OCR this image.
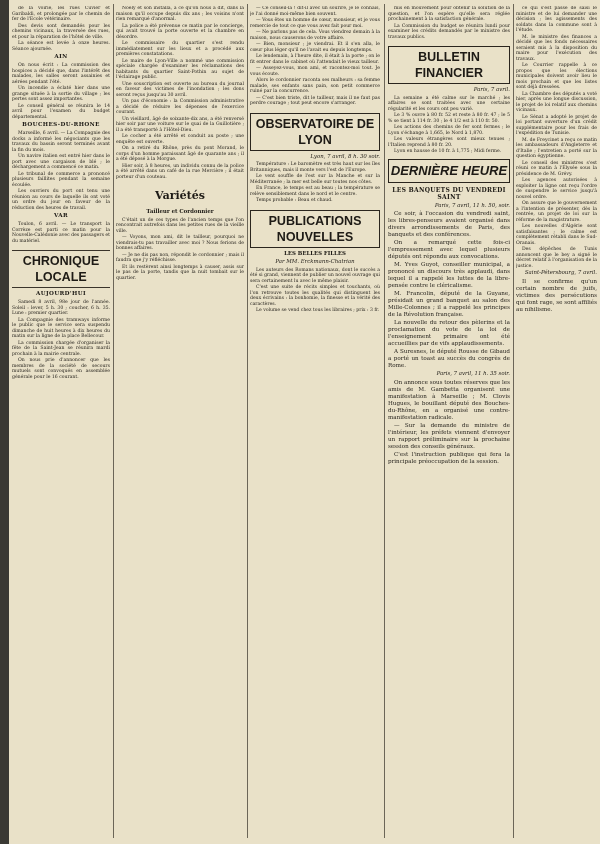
de la voirie, les rues Cuvier et Garibaldi, et prolongée par le chemin de fer de l'Ecole vétérinaire.

Des devis sont demandés pour les chemins vicinaux, la traversée des rues, et pour la réparation de l'hôtel de ville.

La séance est levée à onze heures. Séance ajournée.

AIN

On nous écrit : La commission des hospices a décidé que, dans l'intérêt des malades, les salles seront assainies et aérées pendant l'été.

Un incendie a éclaté hier dans une grange située à la sortie du village ; les pertes sont assez importantes.

Le conseil général se réunira le 14 avril pour l'examen du budget départemental.

BOUCHES-DU-RHONE

Marseille, 6 avril. — La Compagnie des docks a informé les négociants que les travaux du bassin seront terminés avant la fin du mois.

Un navire italien est entré hier dans le port avec une cargaison de blé ; le déchargement a commencé ce matin.

Le tribunal de commerce a prononcé plusieurs faillites pendant la semaine écoulée.

Les ouvriers du port ont tenu une réunion au cours de laquelle ils ont voté un ordre du jour en faveur de la réduction des heures de travail.

VAR

Toulon, 6 avril. — Le transport la Corrèze est parti ce matin pour la Nouvelle-Calédonie avec des passagers et du matériel.

CHRONIQUE LOCALE
AUJOURD'HUI

Samedi 8 avril, 98e jour de l'année. Soleil : lever, 5 h. 30 ; coucher, 6 h. 35. Lune : premier quartier.

La Compagnie des tramways informe le public que le service sera suspendu dimanche de huit heures à dix heures du matin sur la ligne de la place Bellecour.

La commission chargée d'organiser la fête de la Saint-Jean se réunira mardi prochain à la mairie centrale.

On nous prie d'annoncer que les membres de la société de secours mutuels sont convoqués en assemblée générale pour le 16 courant.

Noëly et son installa, à ce qu'on nous a dit, dans la maison qu'il occupe depuis dix ans ; les voisins n'ont rien remarqué d'anormal.

La police a été prévenue ce matin par le concierge, qui avait trouvé la porte ouverte et la chambre en désordre.

Le commissaire du quartier s'est rendu immédiatement sur les lieux et a procédé aux premières constatations.

Le maire de Lyon-Ville a nommé une commission spéciale chargée d'examiner les réclamations des habitants du quartier Saint-Pothin au sujet de l'éclairage public.

Une souscription est ouverte au bureau du journal en faveur des victimes de l'inondation ; les dons seront reçus jusqu'au 30 avril.

Un pas d'économie : la Commission administrative a décidé de réduire les dépenses de l'exercice courant.

Un vieillard, âgé de soixante-dix ans, a été renversé hier soir par une voiture sur le quai de la Guillotière ; il a été transporté à l'Hôtel-Dieu.

Le cocher a été arrêté et conduit au poste ; une enquête est ouverte.

On a retiré du Rhône, près du pont Morand, le corps d'un homme paraissant âgé de quarante ans ; il a été déposé à la Morgue.

Hier soir, à 8 heures, un individu connu de la police a été arrêté dans un café de la rue Mercière ; il était porteur d'un couteau.

Variétés
Tailleur et Cordonnier

C'était un de ces types de l'ancien temps que l'on rencontrait autrefois dans les petites rues de la vieille ville.

— Voyons, mon ami, dit le tailleur, pourquoi ne viendrais-tu pas travailler avec moi ? Nous ferions de bonnes affaires.

— Je ne dis pas non, répondit le cordonnier ; mais il faudra que j'y réfléchisse.

Et ils restèrent ainsi longtemps à causer, assis sur le pas de la porte, tandis que la nuit tombait sur le quartier.

— Ce conseil-là ! dit-il avec un sourire, je le connais, je l'ai donné moi-même bien souvent.

— Vous êtes un homme de cœur, monsieur, et je vous remercie de tout ce que vous avez fait pour moi.

— Ne parlons pas de cela. Vous viendrez demain à la maison, nous causerons de votre affaire.

— Bien, monsieur ; je viendrai. Et il s'en alla, le cœur plus léger qu'il ne l'avait eu depuis longtemps.

Le lendemain, à l'heure dite, il était à la porte ; on le fit entrer dans le cabinet où l'attendait le vieux tailleur.

— Asseyez-vous, mon ami, et racontez-moi tout. Je vous écoute.

Alors le cordonnier raconta ses malheurs : sa femme malade, ses enfants sans pain, son petit commerce ruiné par la concurrence.

— C'est bien triste, dit le tailleur, mais il ne faut pas perdre courage ; tout peut encore s'arranger.

OBSERVATOIRE DE LYON
Lyon, 7 avril, 8 h. 30 soir.

Température : Le baromètre est très haut sur les îles Britanniques, mais il monte vers l'est de l'Europe.

Le vent souffle de l'est sur la Manche et sur la Méditerranée ; la mer est belle sur toutes nos côtes.

En France, le temps est au beau ; la température se relève sensiblement dans le nord et le centre.

Temps probable : Beau et chaud.

PUBLICATIONS NOUVELLES
LES BELLES FILLES
Par MM. Erckmann-Chatrian

Les auteurs des Romans nationaux, dont le succès a été si grand, viennent de publier un nouvel ouvrage qui sera certainement lu avec le même plaisir.

C'est une suite de récits simples et touchants, où l'on retrouve toutes les qualités qui distinguent les deux écrivains : la bonhomie, la finesse et la vérité des caractères.

Le volume se vend chez tous les libraires ; prix : 3 fr.

mis en mouvement pour obtenir la solution de la question, et l'on espère qu'elle sera réglée prochainement à la satisfaction générale.

La Commission du budget se réunira lundi pour examiner les crédits demandés par le ministre des travaux publics.

BULLETIN FINANCIER
Paris, 7 avril.

La semaine a été calme sur le marché ; les affaires se sont traitées avec une certaine régularité et les cours ont peu varié.

Le 3 % ouvre à 80 fr. 52 et reste à 80 fr. 47 ; le 5 % se tient à 114 fr. 30 ; le 4 1/2 est à 110 fr. 50.

Les actions des chemins de fer sont fermes ; le Lyon s'échange à 1,665, le Nord à 1,870.

Les valeurs étrangères sont mieux tenues ; l'Italien reprend à 80 fr. 20.

Lyon en hausse de 10 fr. à 1,775 ; Midi ferme.

DERNIÈRE HEURE
LES BANQUETS DU VENDREDI SAINT
Paris, 7 avril, 11 h. 50, soir.

Ce soir, à l'occasion du vendredi saint, les libres-penseurs avaient organisé dans divers arrondissements de Paris, des banquets et des conférences.

On a remarqué cette fois-ci l'empressement avec lequel plusieurs députés ont répondu aux convocations.

M. Yves Guyot, conseiller municipal, a prononcé un discours très applaudi, dans lequel il a rappelé les luttes de la libre-pensée contre le cléricalisme.

M. Francolin, député de la Guyane, présidait un grand banquet au salon des Mille-Colonnes ; il a rappelé les principes de la Révolution française.

La nouvelle du retour des pèlerins et la proclamation du vote de la loi de l'enseignement primaire ont été accueillies par de vifs applaudissements.

A Suresnes, le député Rousse de Gibaud a porté un toast au succès du congrès de Rome.

Paris, 7 avril, 11 h. 35 soir.

On annonce sous toutes réserves que les amis de M. Gambetta organisent une manifestation à Marseille ; M. Clovis Hugues, le bouillant député des Bouches-du-Rhône, en a organisé une contre-manifestation radicale.

— Sur la demande du ministre de l'intérieur, les préfets viennent d'envoyer un rapport préliminaire sur la prochaine session des conseils généraux.

C'est l'instruction publique qui fera la principale préoccupation de la session.

ce qui s'est passé de saisi le ministre et de lui demander une décision ; les agissements des soldats dans la commune sont à l'étude.

M. le ministre des finances a décidé que les fonds nécessaires seraient mis à la disposition du maire pour l'exécution des travaux.

Le Courrier rappelle à ce propos que les élections municipales doivent avoir lieu le mois prochain et que les listes sont déjà dressées.

La Chambre des députés a voté hier, après une longue discussion, le projet de loi relatif aux chemins vicinaux.

Le Sénat a adopté le projet de loi portant ouverture d'un crédit supplémentaire pour les frais de l'expédition de Tunisie.

M. de Freycinet a reçu ce matin les ambassadeurs d'Angleterre et d'Italie ; l'entretien a porté sur la question égyptienne.

Le conseil des ministres s'est réuni ce matin à l'Élysée sous la présidence de M. Grévy.

Les agences autorisées à exploiter la ligne ont reçu l'ordre de suspendre le service jusqu'à nouvel ordre.

On assure que le gouvernement a l'intention de présenter, dès la rentrée, un projet de loi sur la réforme de la magistrature.

Les nouvelles d'Algérie sont satisfaisantes ; le calme est complètement rétabli dans le Sud-Oranais.

Des dépêches de Tunis annoncent que le bey a signé le décret relatif à l'organisation de la justice.

Saint-Pétersbourg, 7 avril.

Il se confirme qu'un certain nombre de juifs, victimes des persécutions qui font rage, se sont affiliés au nihilisme.
